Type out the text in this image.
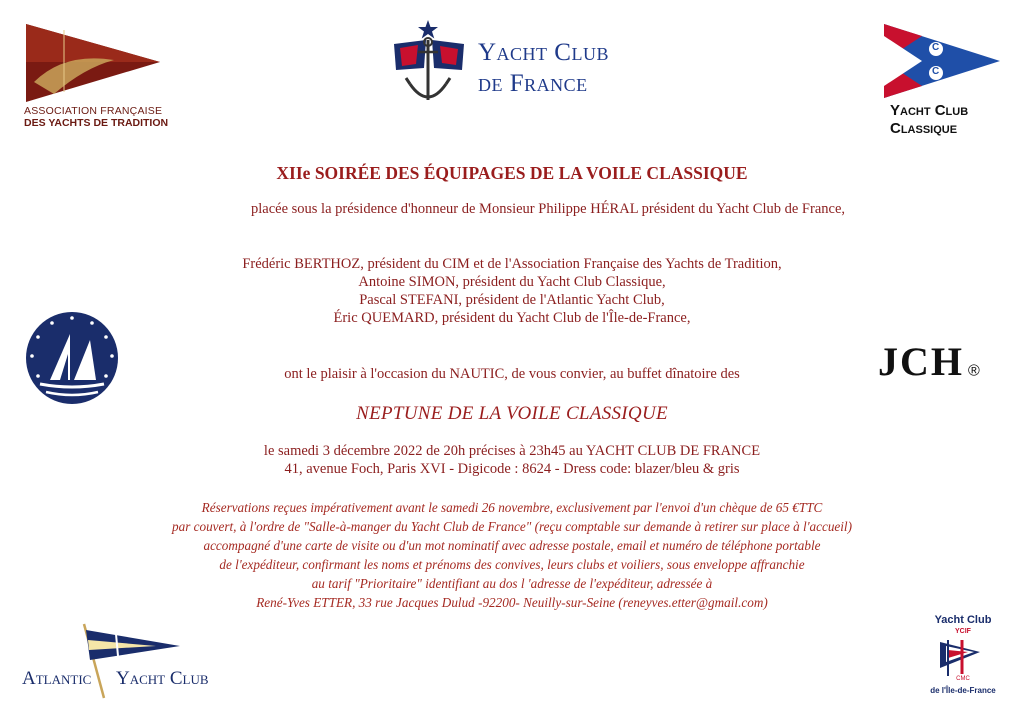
ASSOCIATION FRANÇAISE
DES YACHTS DE TRADITION
Yacht Club
de France
C
C
Yacht Club
Classique
JCH ®
Atlantic Yacht Club
Yacht Club
YCIF
CMC
de l'Île-de-France
XIIe SOIRÉE DES ÉQUIPAGES DE LA VOILE CLASSIQUE
placée sous la présidence d'honneur de Monsieur Philippe HÉRAL président du Yacht Club de France,
Frédéric BERTHOZ, président du CIM et de l'Association Française des Yachts de Tradition,
Antoine SIMON, président du Yacht Club Classique,
Pascal STEFANI, président de l'Atlantic Yacht Club,
Éric QUEMARD, président du Yacht Club de l'Île-de-France,
ont le plaisir à l'occasion du NAUTIC, de vous convier, au buffet dînatoire des
NEPTUNE DE LA VOILE CLASSIQUE
le samedi 3 décembre 2022 de 20h précises à 23h45 au YACHT CLUB DE FRANCE
41, avenue Foch, Paris XVI - Digicode : 8624 - Dress code: blazer/bleu & gris
Réservations reçues impérativement avant le samedi 26 novembre, exclusivement par l'envoi d'un chèque de 65 €TTC
par couvert, à l'ordre de "Salle-à-manger du Yacht Club de France" (reçu comptable sur demande à retirer sur place à l'accueil)
accompagné d'une carte de visite ou d'un mot nominatif avec adresse postale, email et numéro de téléphone portable
de l'expéditeur, confirmant les noms et prénoms des convives, leurs clubs et voiliers, sous enveloppe affranchie
au tarif "Prioritaire" identifiant au dos l 'adresse de l'expéditeur, adressée à
René-Yves ETTER, 33 rue Jacques Dulud -92200- Neuilly-sur-Seine (reneyves.etter@gmail.com)
